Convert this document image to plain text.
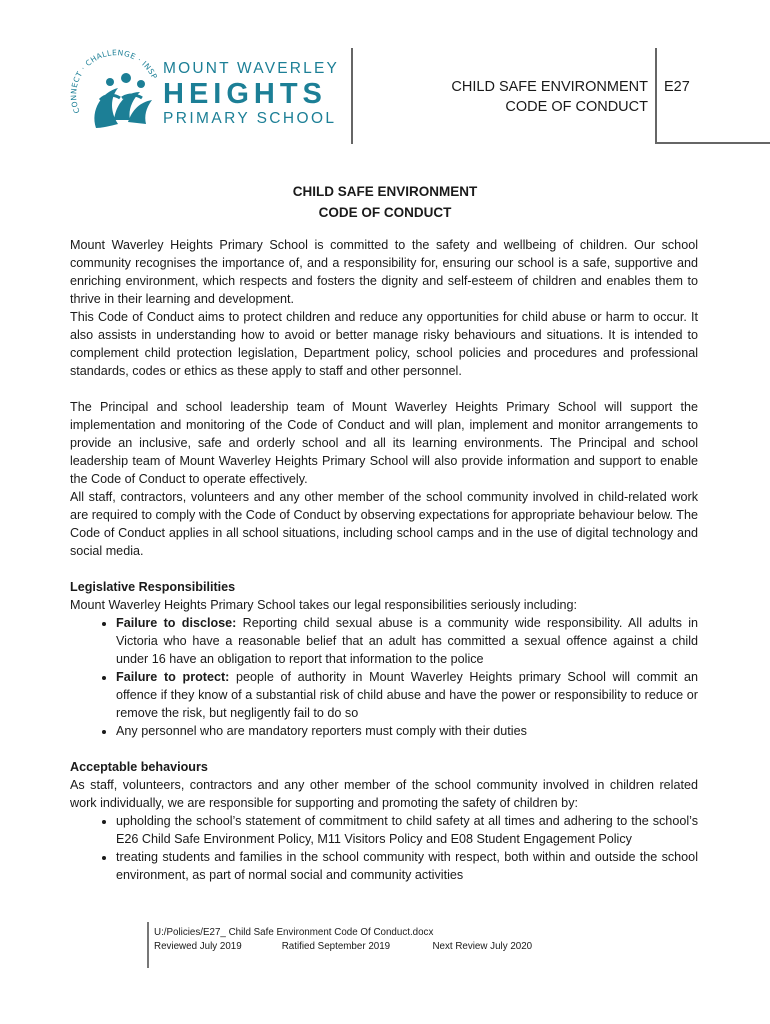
CONNECT · CHALLENGE · INSP MOUNT WAVERLEY
HEIGHTS
PRIMARY SCHOOL
CHILD SAFE ENVIRONMENT
CODE OF CONDUCT
E27
CHILD SAFE ENVIRONMENT
CODE OF CONDUCT

Mount Waverley Heights Primary School is committed to the safety and wellbeing of children. Our school community recognises the importance of, and a responsibility for, ensuring our school is a safe, supportive and enriching environment, which respects and fosters the dignity and self-esteem of children and enables them to thrive in their learning and development.

This Code of Conduct aims to protect children and reduce any opportunities for child abuse or harm to occur. It also assists in understanding how to avoid or better manage risky behaviours and situations. It is intended to complement child protection legislation, Department policy, school policies and procedures and professional standards, codes or ethics as these apply to staff and other personnel.

The Principal and school leadership team of Mount Waverley Heights Primary School will support the implementation and monitoring of the Code of Conduct and will plan, implement and monitor arrangements to provide an inclusive, safe and orderly school and all its learning environments. The Principal and school leadership team of Mount Waverley Heights Primary School will also provide information and support to enable the Code of Conduct to operate effectively.

All staff, contractors, volunteers and any other member of the school community involved in child-related work are required to comply with the Code of Conduct by observing expectations for appropriate behaviour below. The Code of Conduct applies in all school situations, including school camps and in the use of digital technology and social media.

Legislative Responsibilities

Mount Waverley Heights Primary School takes our legal responsibilities seriously including:

• Failure to disclose: Reporting child sexual abuse is a community wide responsibility. All adults in Victoria who have a reasonable belief that an adult has committed a sexual offence against a child under 16 have an obligation to report that information to the police
• Failure to protect: people of authority in Mount Waverley Heights primary School will commit an offence if they know of a substantial risk of child abuse and have the power or responsibility to reduce or remove the risk, but negligently fail to do so
• Any personnel who are mandatory reporters must comply with their duties
Acceptable behaviours

As staff, volunteers, contractors and any other member of the school community involved in children related work individually, we are responsible for supporting and promoting the safety of children by:

• upholding the school’s statement of commitment to child safety at all times and adhering to the school’s E26 Child Safe Environment Policy, M11 Visitors Policy and E08 Student Engagement Policy
• treating students and families in the school community with respect, both within and outside the school environment, as part of normal social and community activities
U:/Policies/E27_ Child Safe Environment Code Of Conduct.docx
Reviewed July 2019	Ratified September 2019	Next Review July 2020
